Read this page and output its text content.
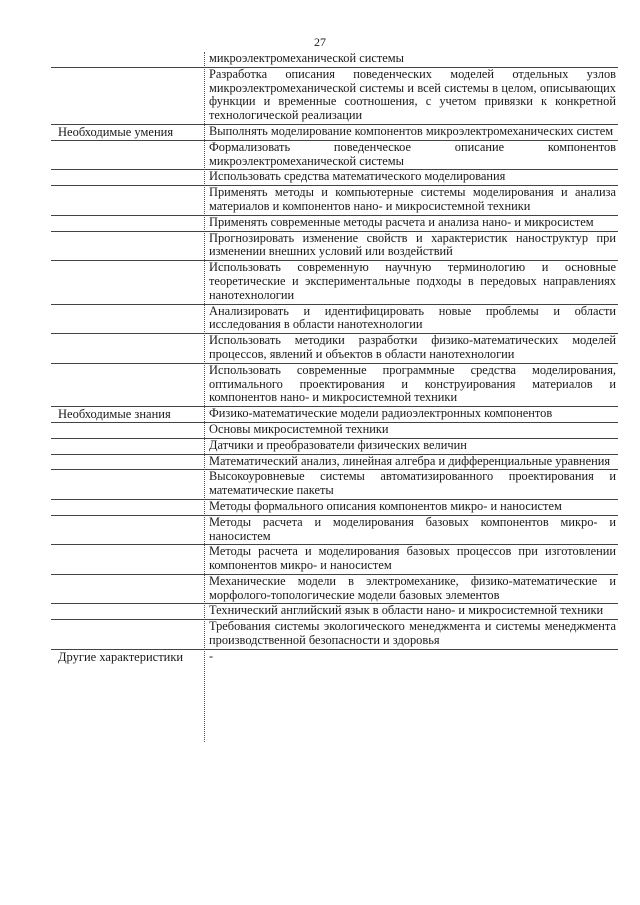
27
микроэлектромеханической системы
Разработка описания поведенческих моделей отдельных узлов микроэлектромеханической системы и всей системы в целом, описывающих функции и временные соотношения, с учетом привязки к конкретной технологической реализации
Необходимые умения	Выполнять моделирование компонентов микроэлектромеханических систем
Формализовать поведенческое описание компонентов микроэлектромеханической системы
Использовать средства математического моделирования
Применять методы и компьютерные системы моделирования и анализа материалов и компонентов нано- и микросистемной техники
Применять современные методы расчета и анализа нано- и микросистем
Прогнозировать изменение свойств и характеристик наноструктур при изменении внешних условий или воздействий
Использовать современную научную терминологию и основные теоретические и экспериментальные подходы в передовых направлениях нанотехнологии
Анализировать и идентифицировать новые проблемы и области исследования в области нанотехнологии
Использовать методики разработки физико-математических моделей процессов, явлений и объектов в области нанотехнологии
Использовать современные программные средства моделирования, оптимального проектирования и конструирования материалов и компонентов нано- и микросистемной техники
Необходимые знания	Физико-математические модели радиоэлектронных компонентов
Основы микросистемной техники
Датчики и преобразователи физических величин
Математический анализ, линейная алгебра и дифференциальные уравнения
Высокоуровневые системы автоматизированного проектирования и математические пакеты
Методы формального описания компонентов микро- и наносистем
Методы расчета и моделирования базовых компонентов микро- и наносистем
Методы расчета и моделирования базовых процессов при изготовлении компонентов микро- и наносистем
Механические модели в электромеханике, физико-математические и морфолого-топологические модели базовых элементов
Технический английский язык в области нано- и микросистемной техники
Требования системы экологического менеджмента и системы менеджмента производственной безопасности и здоровья
Другие характеристики -
